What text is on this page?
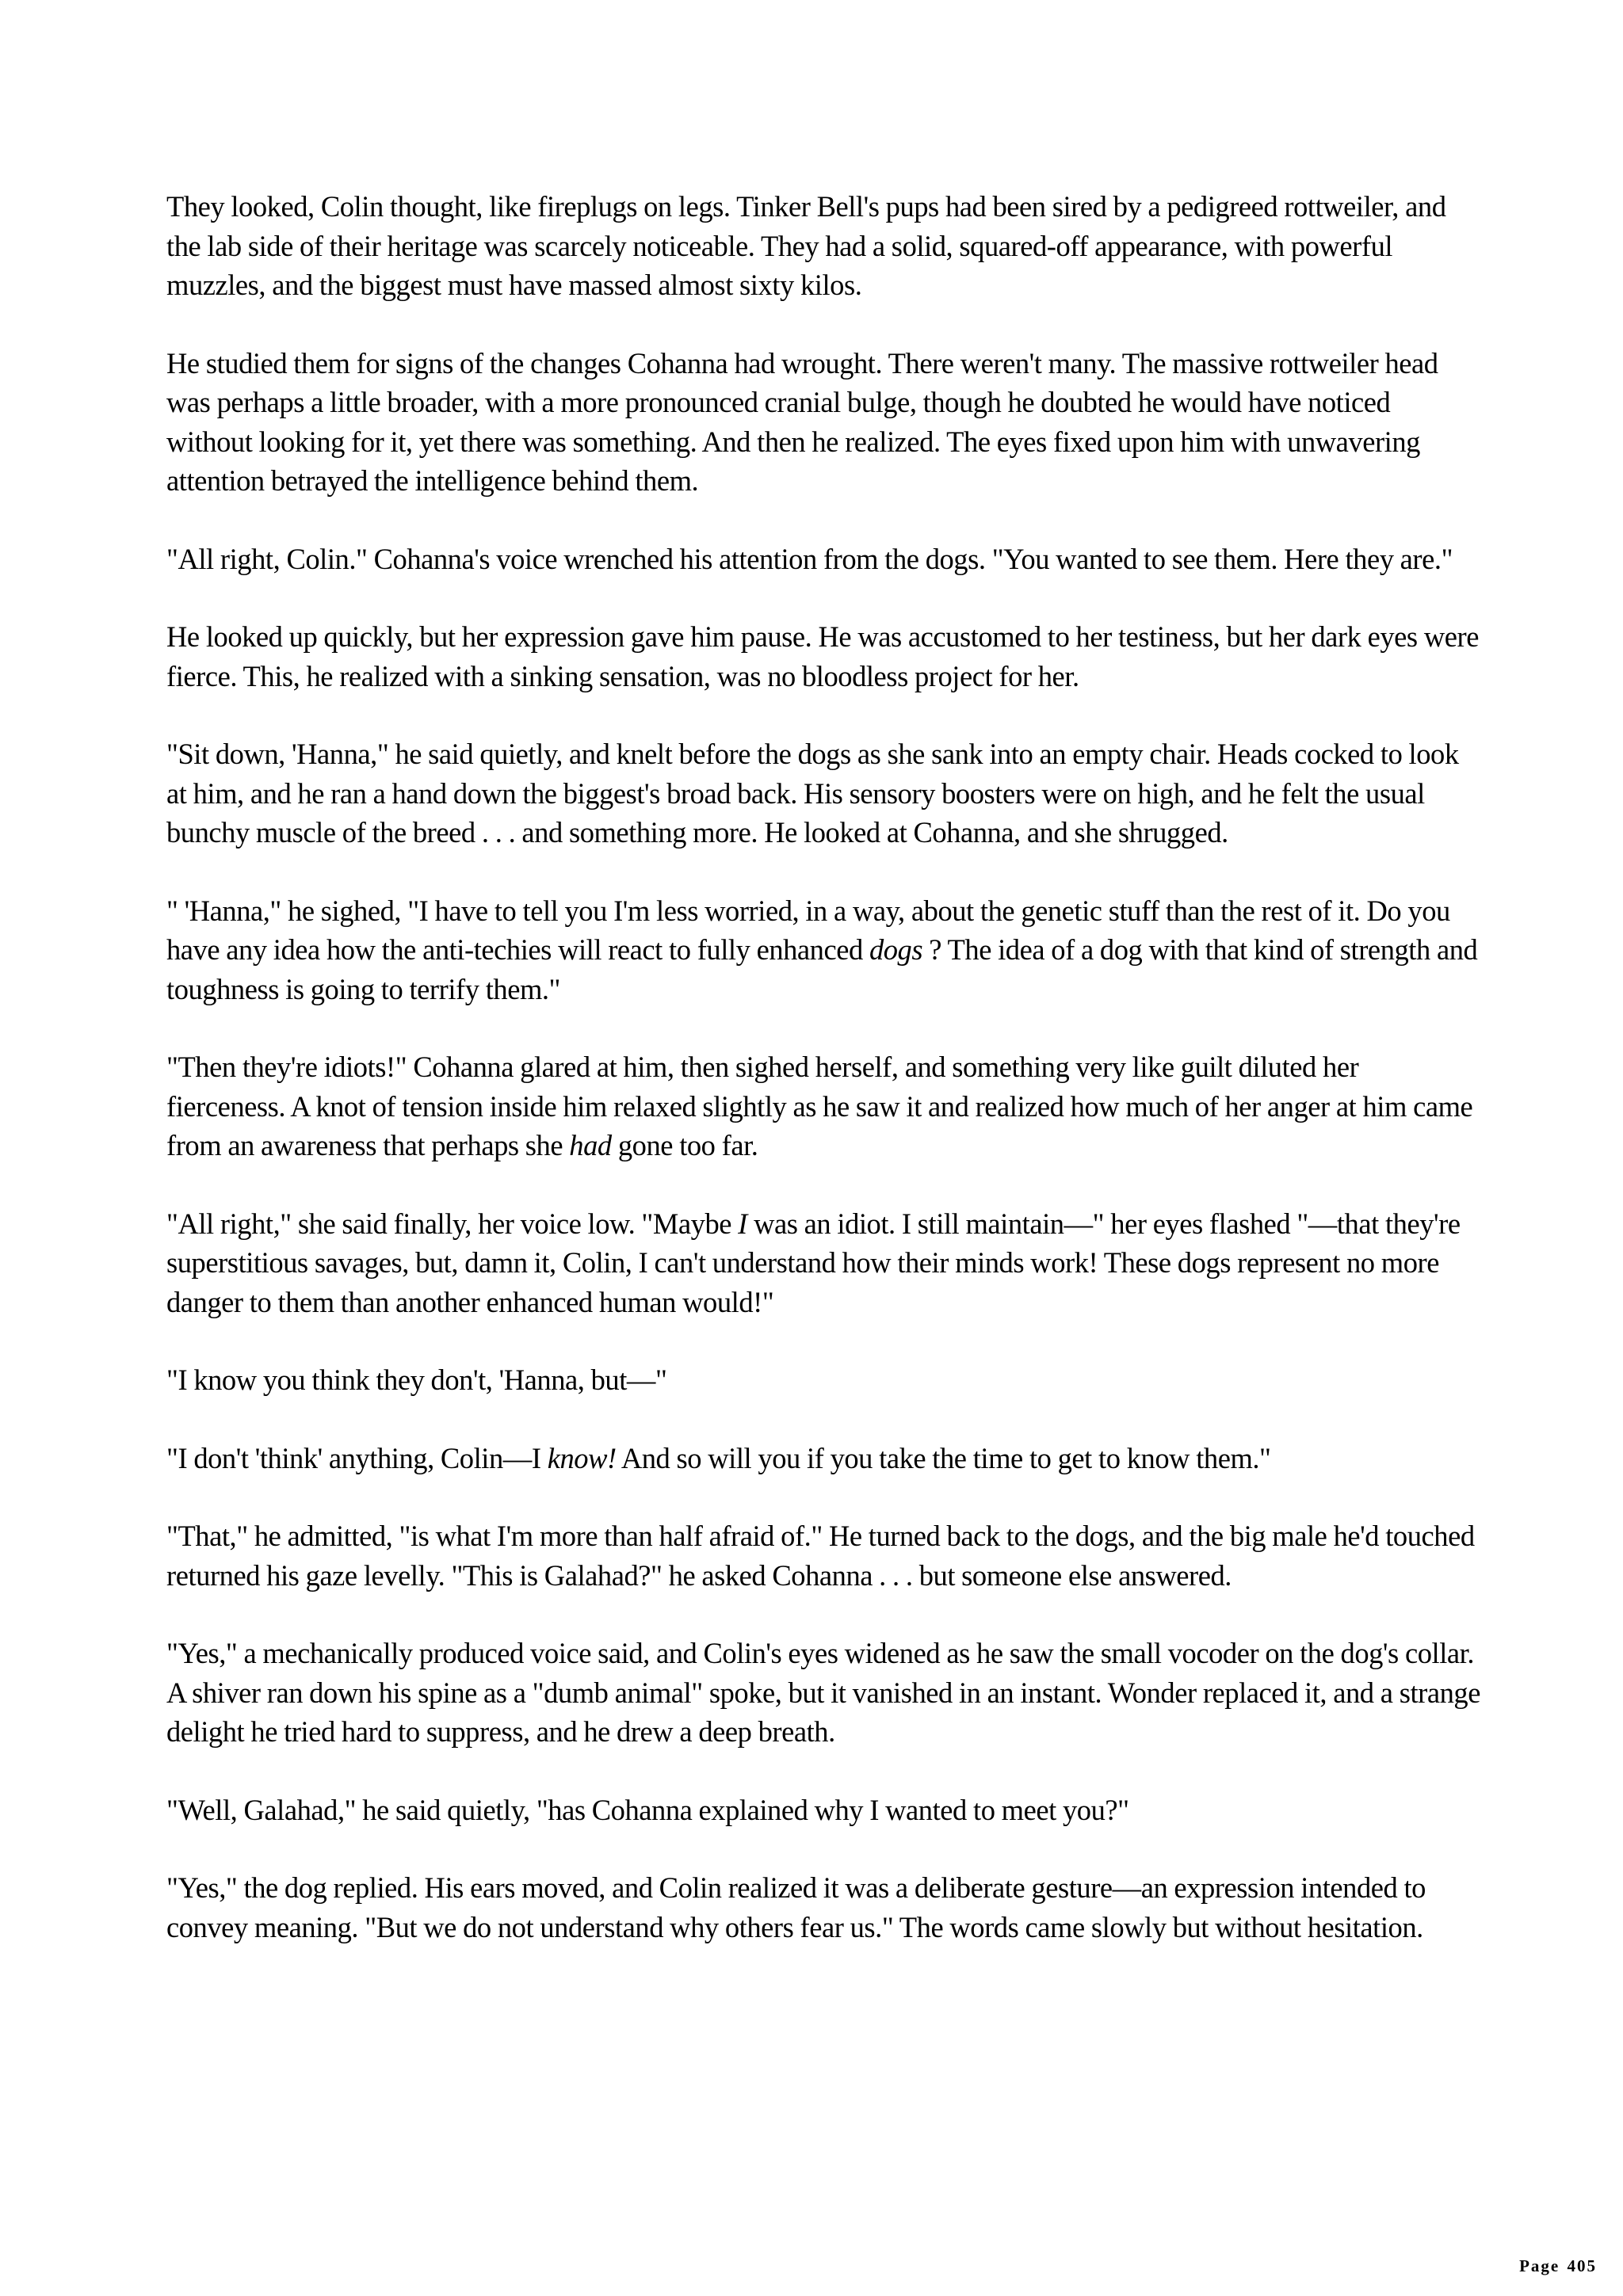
They looked, Colin thought, like fireplugs on legs. Tinker Bell's pups had been sired by a pedigreed rottweiler, and the lab side of their heritage was scarcely noticeable. They had a solid, squared-off appearance, with powerful muzzles, and the biggest must have massed almost sixty kilos.

He studied them for signs of the changes Cohanna had wrought. There weren't many. The massive rottweiler head was perhaps a little broader, with a more pronounced cranial bulge, though he doubted he would have noticed without looking for it, yet there was something. And then he realized. The eyes fixed upon him with unwavering attention betrayed the intelligence behind them.

"All right, Colin." Cohanna's voice wrenched his attention from the dogs. "You wanted to see them. Here they are."

He looked up quickly, but her expression gave him pause. He was accustomed to her testiness, but her dark eyes were fierce. This, he realized with a sinking sensation, was no bloodless project for her.

"Sit down, 'Hanna," he said quietly, and knelt before the dogs as she sank into an empty chair. Heads cocked to look at him, and he ran a hand down the biggest's broad back. His sensory boosters were on high, and he felt the usual bunchy muscle of the breed . . . and something more. He looked at Cohanna, and she shrugged.

" 'Hanna," he sighed, "I have to tell you I'm less worried, in a way, about the genetic stuff than the rest of it. Do you have any idea how the anti-techies will react to fully enhanced dogs ? The idea of a dog with that kind of strength and toughness is going to terrify them."

"Then they're idiots!" Cohanna glared at him, then sighed herself, and something very like guilt diluted her fierceness. A knot of tension inside him relaxed slightly as he saw it and realized how much of her anger at him came from an awareness that perhaps she had gone too far.

"All right," she said finally, her voice low. "Maybe I was an idiot. I still maintain—" her eyes flashed "—that they're superstitious savages, but, damn it, Colin, I can't understand how their minds work! These dogs represent no more danger to them than another enhanced human would!"

"I know you think they don't, 'Hanna, but—"

"I don't 'think' anything, Colin—I know! And so will you if you take the time to get to know them."

"That," he admitted, "is what I'm more than half afraid of." He turned back to the dogs, and the big male he'd touched returned his gaze levelly. "This is Galahad?" he asked Cohanna . . . but someone else answered.

"Yes," a mechanically produced voice said, and Colin's eyes widened as he saw the small vocoder on the dog's collar. A shiver ran down his spine as a "dumb animal" spoke, but it vanished in an instant. Wonder replaced it, and a strange delight he tried hard to suppress, and he drew a deep breath.

"Well, Galahad," he said quietly, "has Cohanna explained why I wanted to meet you?"

"Yes," the dog replied. His ears moved, and Colin realized it was a deliberate gesture—an expression intended to convey meaning. "But we do not understand why others fear us." The words came slowly but without hesitation.

Page 405
